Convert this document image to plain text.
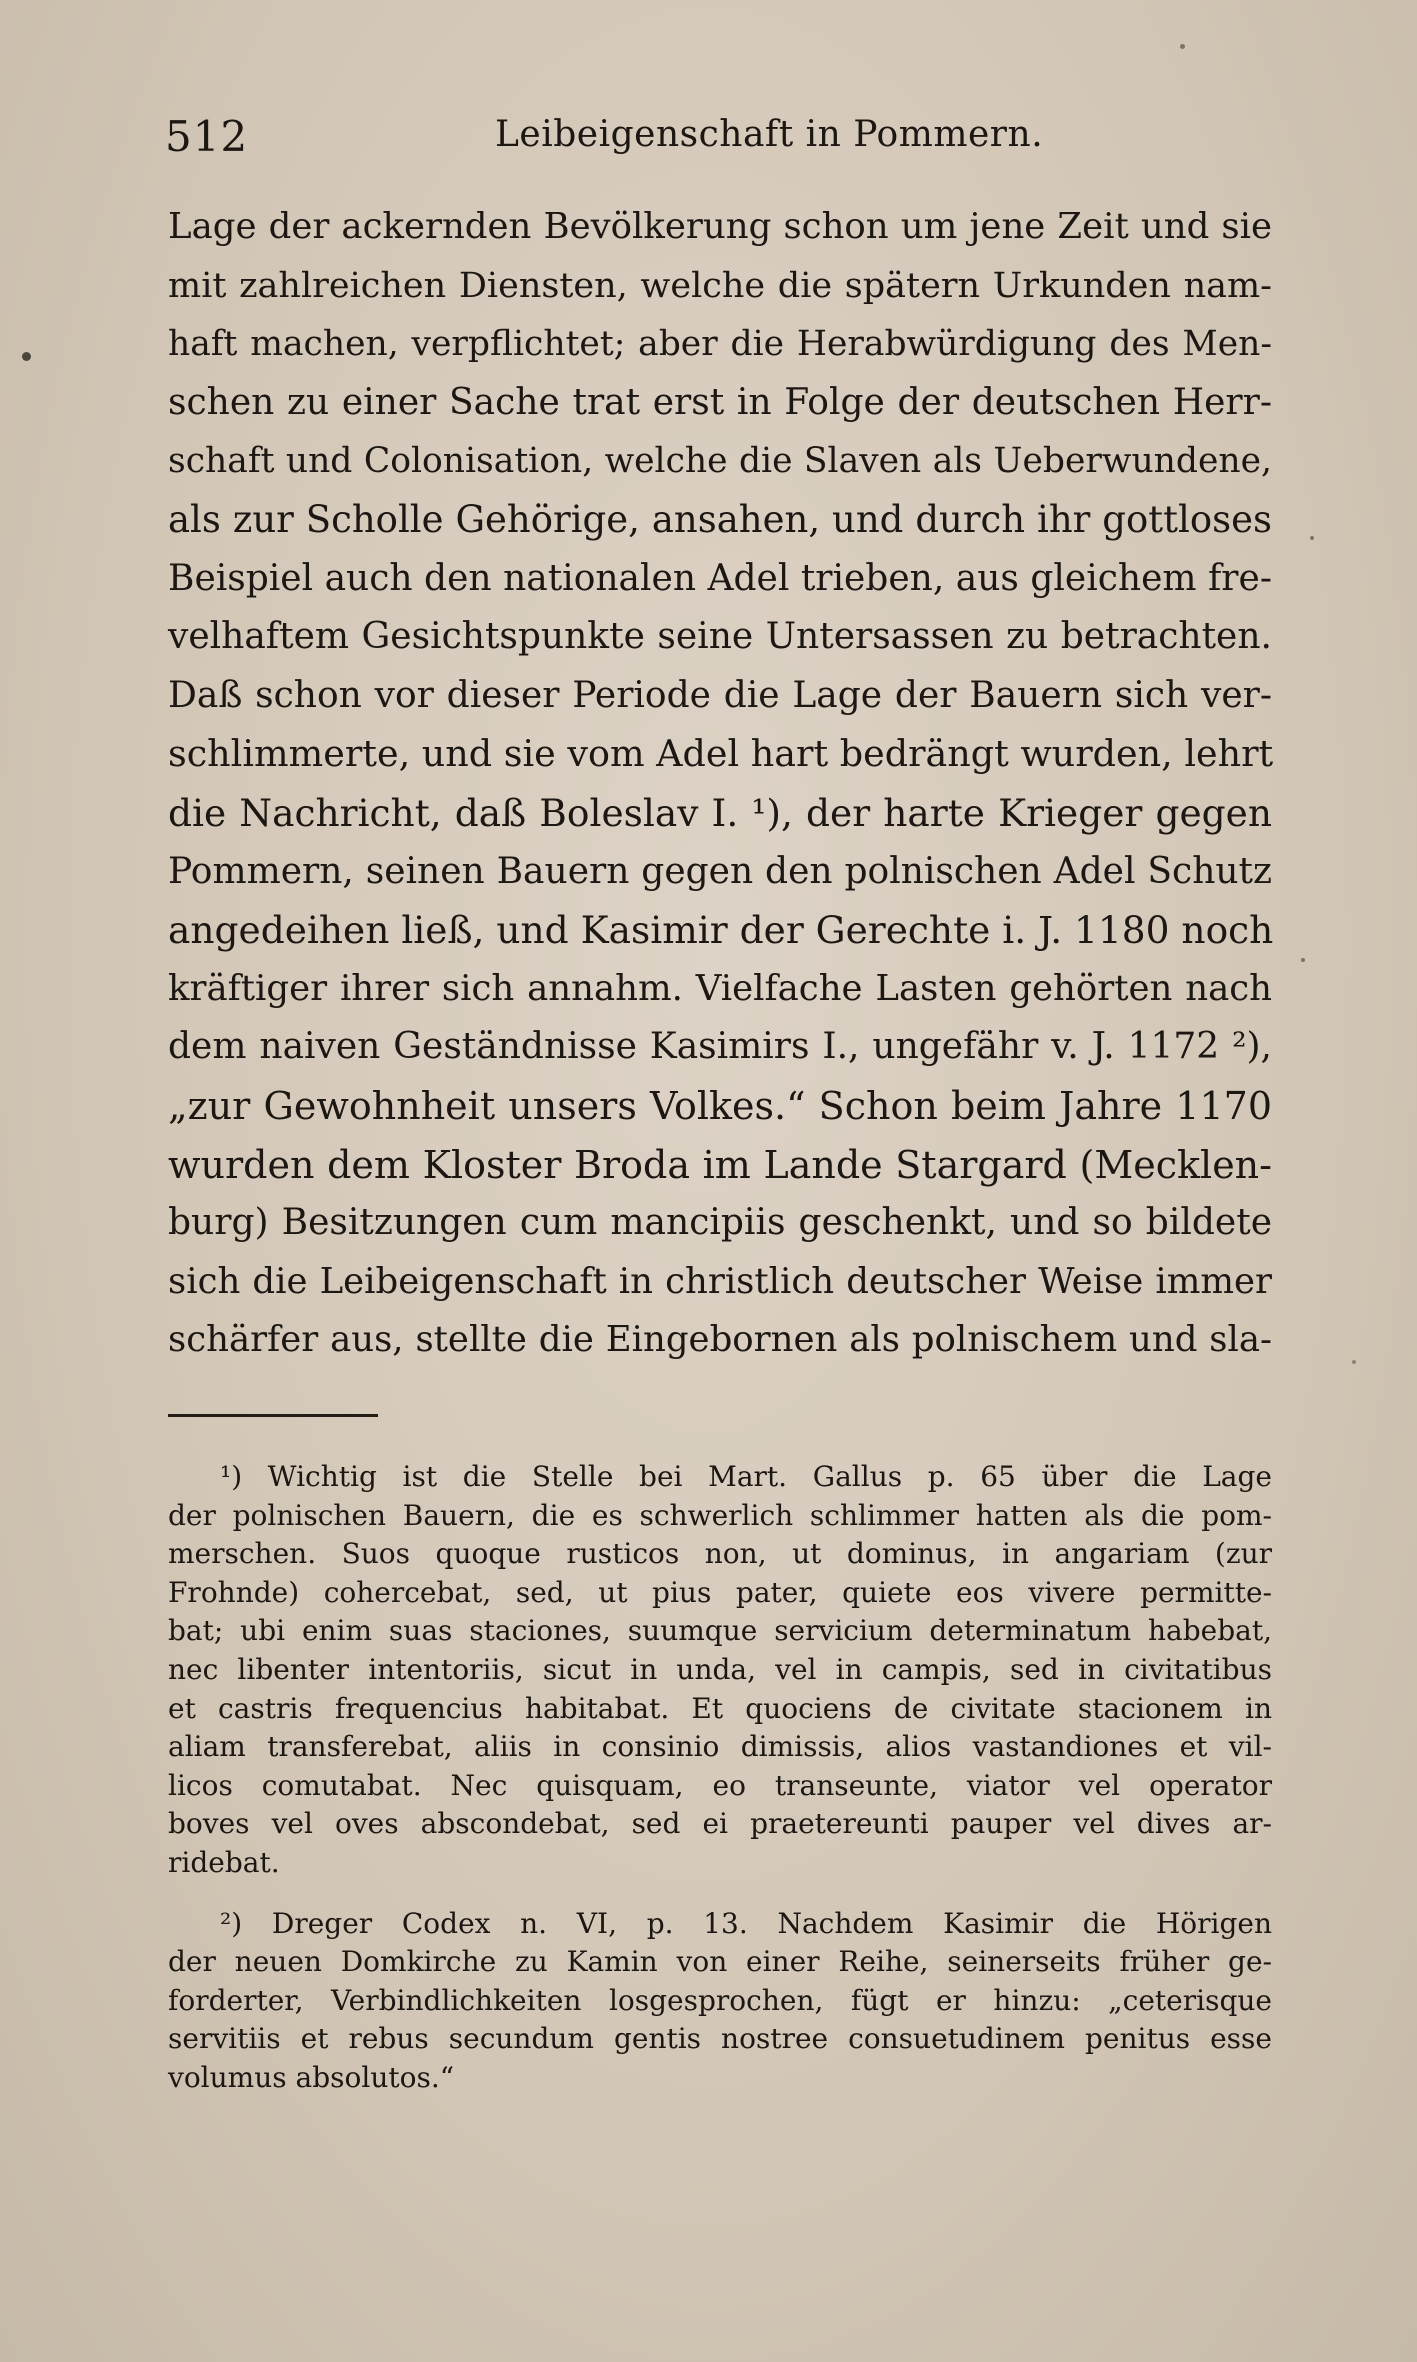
512	Leibeigenschaft in Pommern.
Lage der ackernden Bevölkerung schon um jene Zeit und sie
mit zahlreichen Diensten, welche die spätern Urkunden nam-
haft machen, verpflichtet; aber die Herabwürdigung des Men-
schen zu einer Sache trat erst in Folge der deutschen Herr-
schaft und Colonisation, welche die Slaven als Ueberwundene,
als zur Scholle Gehörige, ansahen, und durch ihr gottloses
Beispiel auch den nationalen Adel trieben, aus gleichem fre-
velhaftem Gesichtspunkte seine Untersassen zu betrachten.
Daß schon vor dieser Periode die Lage der Bauern sich ver-
schlimmerte, und sie vom Adel hart bedrängt wurden, lehrt
die Nachricht, daß Boleslav I. ¹), der harte Krieger gegen
Pommern, seinen Bauern gegen den polnischen Adel Schutz
angedeihen ließ, und Kasimir der Gerechte i. J. 1180 noch
kräftiger ihrer sich annahm. Vielfache Lasten gehörten nach
dem naiven Geständnisse Kasimirs I., ungefähr v. J. 1172 ²),
„zur Gewohnheit unsers Volkes.“ Schon beim Jahre 1170
wurden dem Kloster Broda im Lande Stargard (Mecklen-
burg) Besitzungen cum mancipiis geschenkt, und so bildete
sich die Leibeigenschaft in christlich deutscher Weise immer
schärfer aus, stellte die Eingebornen als polnischem und sla-
¹) Wichtig ist die Stelle bei Mart. Gallus p. 65 über die Lage
der polnischen Bauern, die es schwerlich schlimmer hatten als die pom-
merschen. Suos quoque rusticos non, ut dominus, in angariam (zur
Frohnde) cohercebat, sed, ut pius pater, quiete eos vivere permitte-
bat; ubi enim suas staciones, suumque servicium determinatum habebat,
nec libenter intentoriis, sicut in unda, vel in campis, sed in civitatibus
et castris frequencius habitabat. Et quociens de civitate stacionem in
aliam transferebat, aliis in consinio dimissis, alios vastandiones et vil-
licos comutabat. Nec quisquam, eo transeunte, viator vel operator
boves vel oves abscondebat, sed ei praetereunti pauper vel dives ar-
ridebat.
²) Dreger Codex n. VI, p. 13. Nachdem Kasimir die Hörigen
der neuen Domkirche zu Kamin von einer Reihe, seinerseits früher ge-
forderter, Verbindlichkeiten losgesprochen, fügt er hinzu: „ceterisque
servitiis et rebus secundum gentis nostree consuetudinem penitus esse
volumus absolutos.“
